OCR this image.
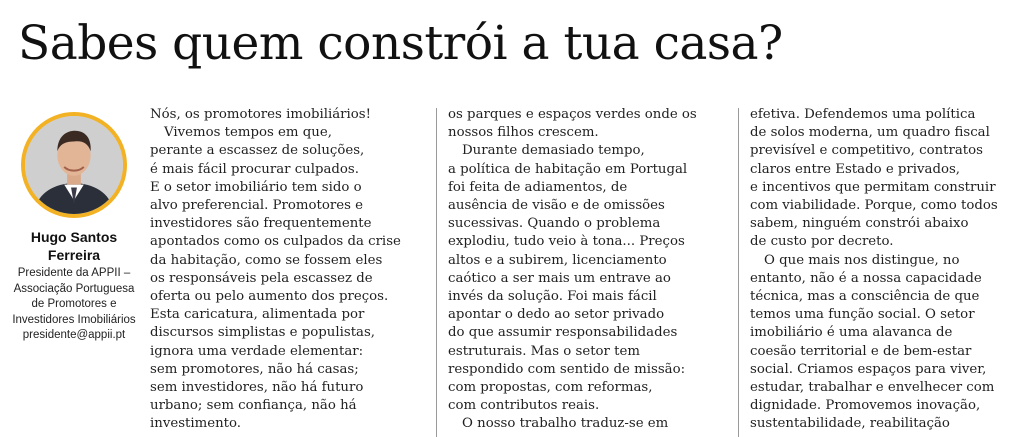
Sabes quem constrói a tua casa?
Hugo Santos Ferreira
Presidente da APPII – Associação Portuguesa de Promotores e Investidores Imobiliários
presidente@appii.pt

Nós, os promotores imobiliários!

Vivemos tempos em que,

perante a escassez de soluções,

é mais fácil procurar culpados.

E o setor imobiliário tem sido o

alvo preferencial. Promotores e

investidores são frequentemente

apontados como os culpados da crise

da habitação, como se fossem eles

os responsáveis pela escassez de

oferta ou pelo aumento dos preços.

Esta caricatura, alimentada por

discursos simplistas e populistas,

ignora uma verdade elementar:

sem promotores, não há casas;

sem investidores, não há futuro

urbano; sem confiança, não há

investimento.

os parques e espaços verdes onde os

nossos filhos crescem.

Durante demasiado tempo,

a política de habitação em Portugal

foi feita de adiamentos, de

ausência de visão e de omissões

sucessivas. Quando o problema

explodiu, tudo veio à tona... Preços

altos e a subirem, licenciamento

caótico a ser mais um entrave ao

invés da solução. Foi mais fácil

apontar o dedo ao setor privado

do que assumir responsabilidades

estruturais. Mas o setor tem

respondido com sentido de missão:

com propostas, com reformas,

com contributos reais.

O nosso trabalho traduz-se em

efetiva. Defendemos uma política

de solos moderna, um quadro fiscal

previsível e competitivo, contratos

claros entre Estado e privados,

e incentivos que permitam construir

com viabilidade. Porque, como todos

sabem, ninguém constrói abaixo

de custo por decreto.

O que mais nos distingue, no

entanto, não é a nossa capacidade

técnica, mas a consciência de que

temos uma função social. O setor

imobiliário é uma alavanca de

coesão territorial e de bem-estar

social. Criamos espaços para viver,

estudar, trabalhar e envelhecer com

dignidade. Promovemos inovação,

sustentabilidade, reabilitação
